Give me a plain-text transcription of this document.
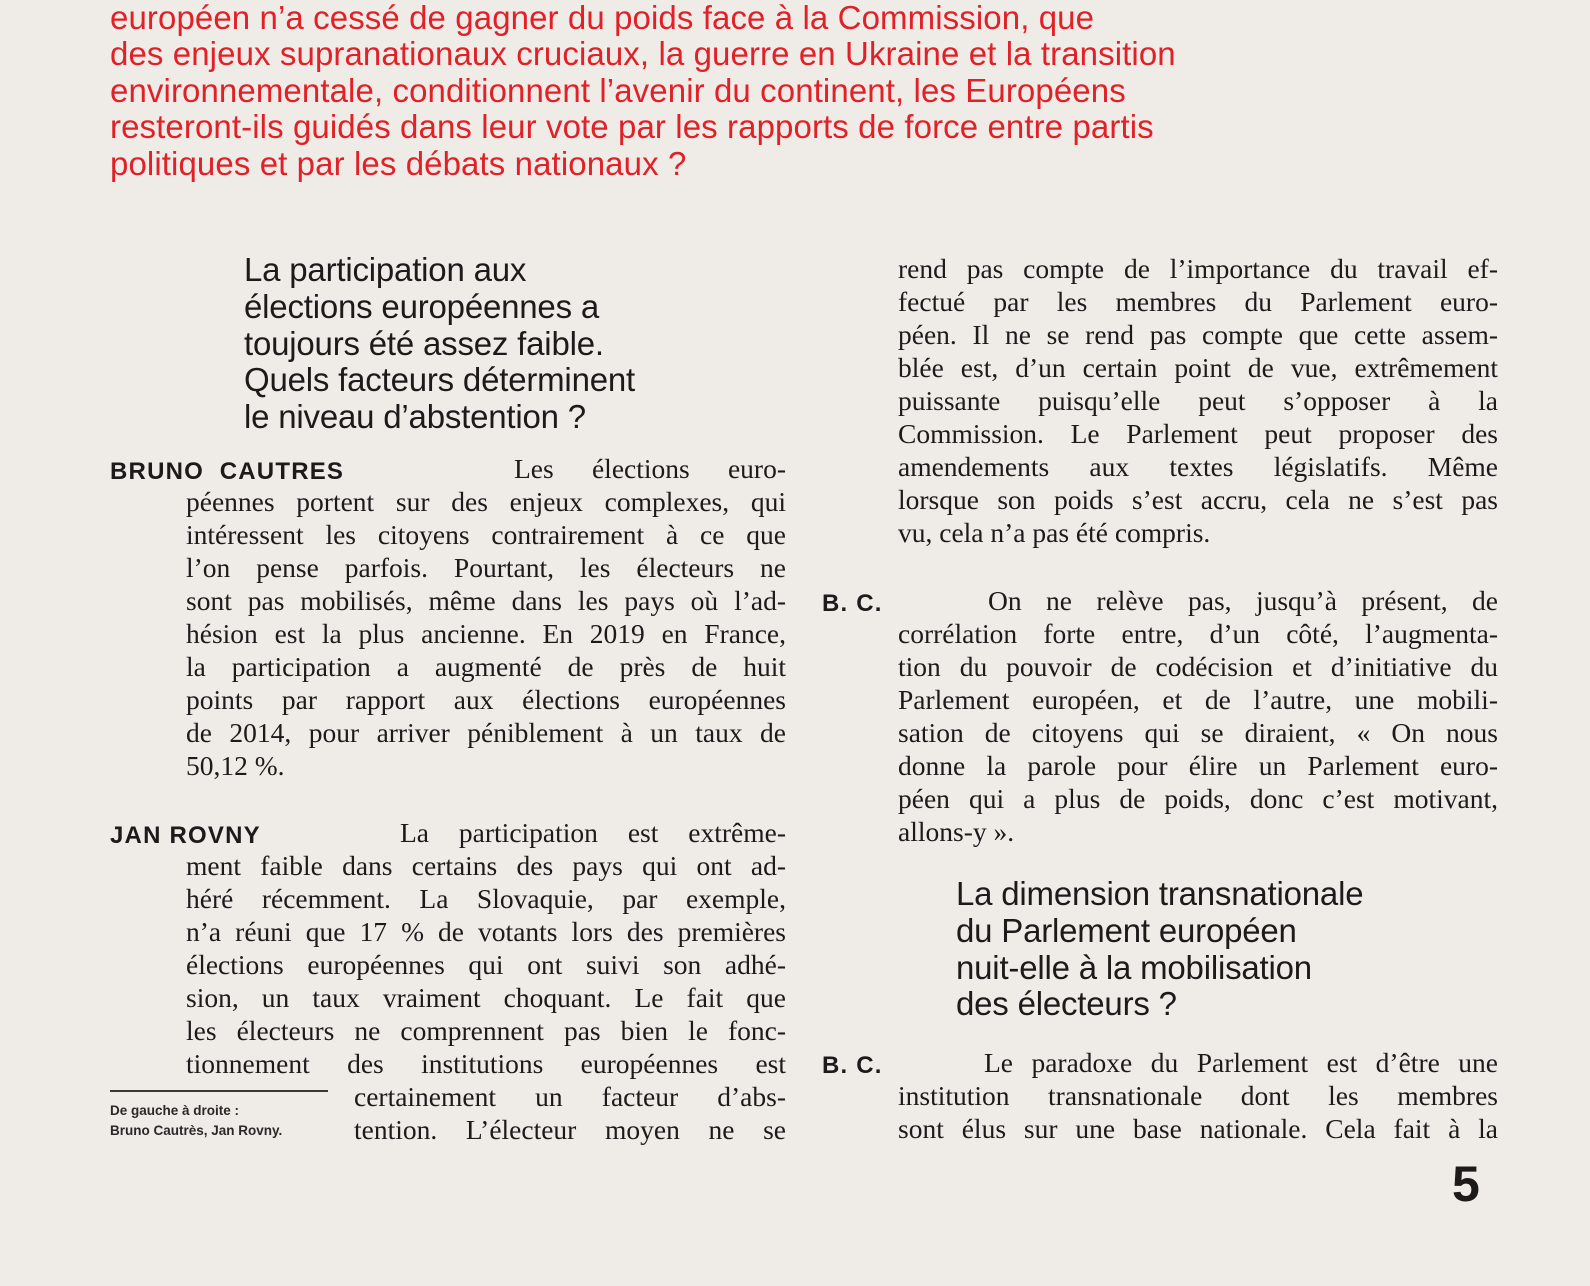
européen n’a cessé de gagner du poids face à la Commission, que
des enjeux supranationaux cruciaux, la guerre en Ukraine et la transition
environnementale, conditionnent l’avenir du continent, les Européens
resteront-ils guidés dans leur vote par les rapports de force entre partis
politiques et par les débats nationaux ?
La participation aux
élections européennes a
toujours été assez faible.
Quels facteurs déterminent
le niveau d’abstention ?
BRUNO  CAUTRES	Les élections euro-
péennes portent sur des enjeux complexes, qui
intéressent les citoyens contrairement à ce que
l’on pense parfois. Pourtant, les électeurs ne
sont pas mobilisés, même dans les pays où l’ad-
hésion est la plus ancienne. En 2019 en France,
la participation a augmenté de près de huit
points par rapport aux élections européennes
de 2014, pour arriver péniblement à un taux de
50,12 %.
JAN ROVNY	La participation est extrême-
ment faible dans certains des pays qui ont ad-
héré récemment. La Slovaquie, par exemple,
n’a réuni que 17 % de votants lors des premières
élections européennes qui ont suivi son adhé-
sion, un taux vraiment choquant. Le fait que
les électeurs ne comprennent pas bien le fonc-
tionnement des institutions européennes est
certainement un facteur d’abs-
tention. L’électeur moyen ne se
De gauche à droite :
Bruno Cautrès, Jan Rovny.
rend pas compte de l’importance du travail ef-
fectué par les membres du Parlement euro-
péen. Il ne se rend pas compte que cette assem-
blée est, d’un certain point de vue, extrêmement
puissante puisqu’elle peut s’opposer à la
Commission. Le Parlement peut proposer des
amendements aux textes législatifs. Même
lorsque son poids s’est accru, cela ne s’est pas
vu, cela n’a pas été compris.
B. C.	On ne relève pas, jusqu’à présent, de
corrélation forte entre, d’un côté, l’augmenta-
tion du pouvoir de codécision et d’initiative du
Parlement européen, et de l’autre, une mobili-
sation de citoyens qui se diraient, « On nous
donne la parole pour élire un Parlement euro-
péen qui a plus de poids, donc c’est motivant,
allons-y ».
La dimension transnationale
du Parlement européen
nuit-elle à la mobilisation
des électeurs ?
B. C.	Le paradoxe du Parlement est d’être une
institution transnationale dont les membres
sont élus sur une base nationale. Cela fait à la
5
